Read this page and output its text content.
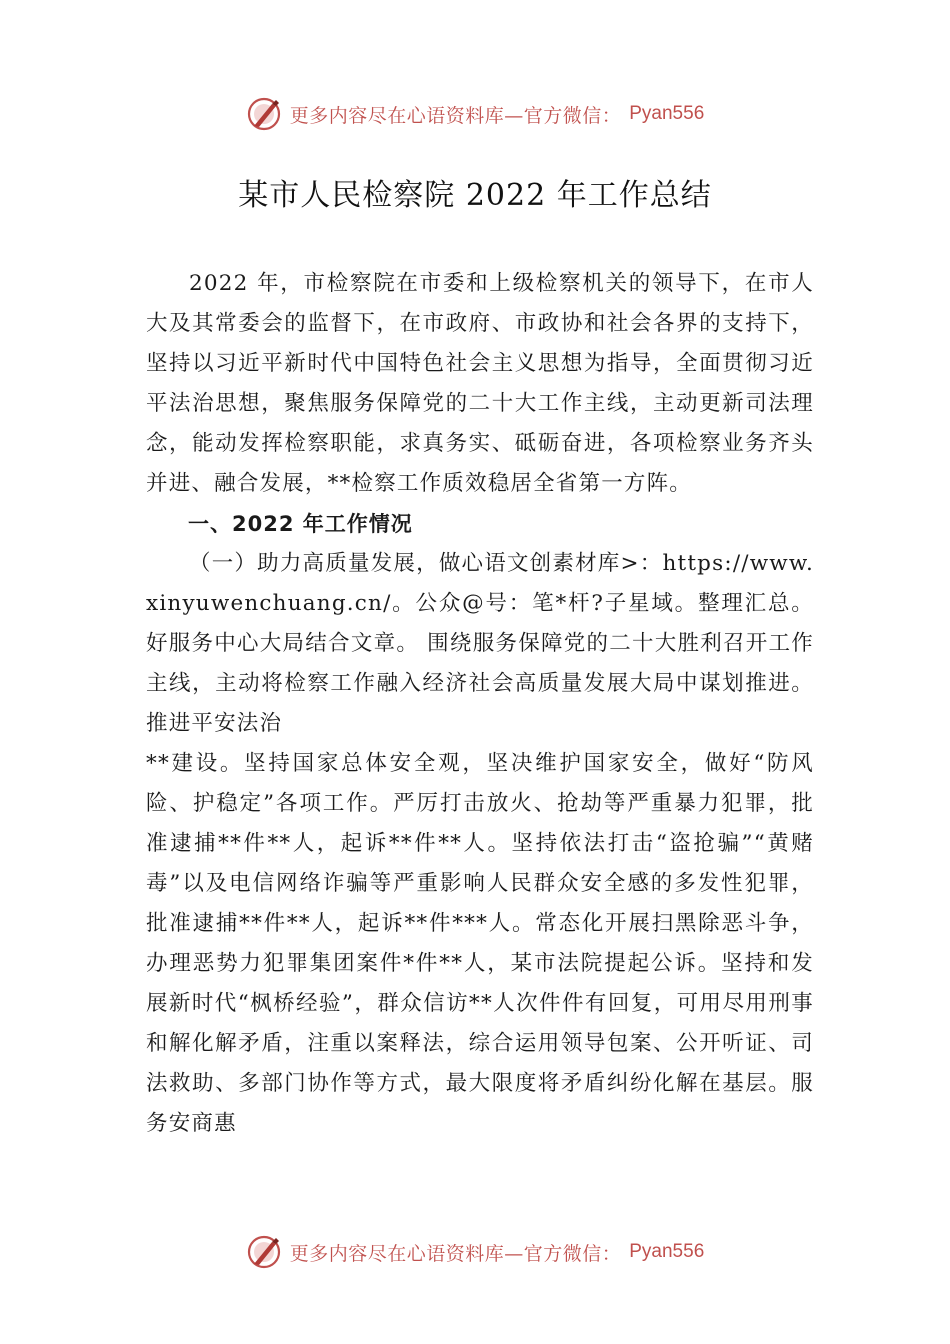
更多内容尽在心语资料库—官方微信： Pyan556
某市人民检察院 2022 年工作总结

2022 年，市检察院在市委和上级检察机关的领导下，在市人大及其常委会的监督下，在市政府、市政协和社会各界的支持下，坚持以习近平新时代中国特色社会主义思想为指导，全面贯彻习近平法治思想，聚焦服务保障党的二十大工作主线，主动更新司法理念，能动发挥检察职能，求真务实、砥砺奋进，各项检察业务齐头并进、融合发展，**检察工作质效稳居全省第一方阵。

一、2022 年工作情况

（一）助力高质量发展，做心语文创素材库>：https://www.xinyuwenchuang.cn/。公众@号：笔*杆?子星域。整理汇总。好服务中心大局结合文章。 围绕服务保障党的二十大胜利召开工作主线，主动将检察工作融入经济社会高质量发展大局中谋划推进。推进平安法治

**建设。坚持国家总体安全观，坚决维护国家安全，做好“防风险、护稳定”各项工作。严厉打击放火、抢劫等严重暴力犯罪，批准逮捕**件**人，起诉**件**人。坚持依法打击“盗抢骗”“黄赌毒”以及电信网络诈骗等严重影响人民群众安全感的多发性犯罪，批准逮捕**件**人，起诉**件***人。常态化开展扫黑除恶斗争，办理恶势力犯罪集团案件*件**人，某市法院提起公诉。坚持和发展新时代“枫桥经验”，群众信访**人次件件有回复，可用尽用刑事和解化解矛盾，注重以案释法，综合运用领导包案、公开听证、司法救助、多部门协作等方式，最大限度将矛盾纠纷化解在基层。服务安商惠

更多内容尽在心语资料库—官方微信： Pyan556
